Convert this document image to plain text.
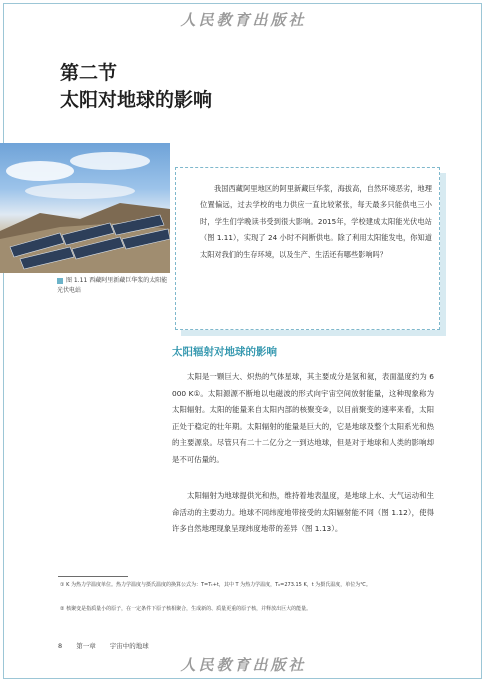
人民教育出版社
第二节
太阳对地球的影响
图 1.11 西藏阿里新藏巨华浆的太阳能光伏电站
我国西藏阿里地区的阿里新藏巨华浆，海拔高，自然环境恶劣，地理位置偏远，过去学校的电力供应一直比较紧张，每天最多只能供电三小时，学生们学晚读书受到很大影响。2015年，学校建成太阳能光伏电站（图 1.11），实现了 24 小时不间断供电。除了利用太阳能发电，你知道太阳对我们的生存环境，以及生产、生活还有哪些影响吗？
太阳辐射对地球的影响
太阳是一颗巨大、炽热的气体星球，其主要成分是氢和氦，表面温度约为 6 000 K①。太阳源源不断地以电磁波的形式向宇宙空间放射能量，这种现象称为太阳辐射。太阳的能量来自太阳内部的核聚变②，以目前聚变的速率来看，太阳正处于稳定的壮年期。太阳辐射的能量是巨大的，它是地球及整个太阳系光和热的主要源泉。尽管只有二十二亿分之一到达地球，但是对于地球和人类的影响却是不可估量的。
太阳辐射为地球提供光和热，维持着地表温度，是地球上水、大气运动和生命活动的主要动力。地球不同纬度地带接受的太阳辐射能不同（图 1.12），使得许多自然地理现象呈现纬度地带的差异（图 1.13）。
① K 为热力学温度单位。热力学温度与摄氏温度的换算公式为：T=Tₜ+t，其中 T 为热力学温度，T₀=273.15 K，t 为摄氏温度，单位为℃。
② 核聚变是指质量小的原子，在一定条件下原子核相聚合，生成新的、质量更重的原子核，并释放出巨大的能量。
8 第一章 宇宙中的地球
人民教育出版社
